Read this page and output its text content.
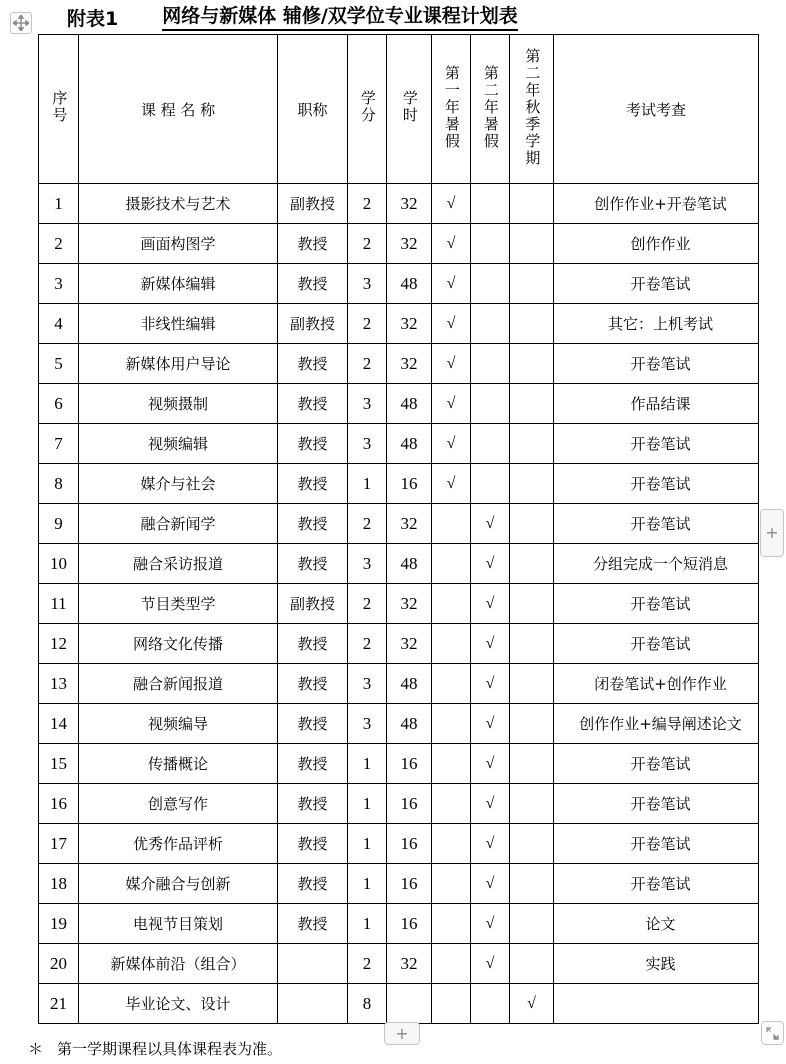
附表1 网络与新媒体 辅修/双学位专业课程计划表
序号	课 程 名 称	职称	学分	学时	第一年暑假	第二年暑假	第二年秋季学期	考试考查
1	摄影技术与艺术	副教授	2	32	√			创作作业+开卷笔试
2	画面构图学	教授	2	32	√			创作作业
3	新媒体编辑	教授	3	48	√			开卷笔试
4	非线性编辑	副教授	2	32	√			其它：上机考试
5	新媒体用户导论	教授	2	32	√			开卷笔试
6	视频摄制	教授	3	48	√			作品结课
7	视频编辑	教授	3	48	√			开卷笔试
8	媒介与社会	教授	1	16	√			开卷笔试
9	融合新闻学	教授	2	32		√		开卷笔试
10	融合采访报道	教授	3	48		√		分组完成一个短消息
11	节目类型学	副教授	2	32		√		开卷笔试
12	网络文化传播	教授	2	32		√		开卷笔试
13	融合新闻报道	教授	3	48		√		闭卷笔试+创作作业
14	视频编导	教授	3	48		√		创作作业+编导阐述论文
15	传播概论	教授	1	16		√		开卷笔试
16	创意写作	教授	1	16		√		开卷笔试
17	优秀作品评析	教授	1	16		√		开卷笔试
18	媒介融合与创新	教授	1	16		√		开卷笔试
19	电视节目策划	教授	1	16		√		论文
20	新媒体前沿（组合）		2	32		√		实践
21	毕业论文、设计		8				√	
+
+
＊ 第一学期课程以具体课程表为准。
